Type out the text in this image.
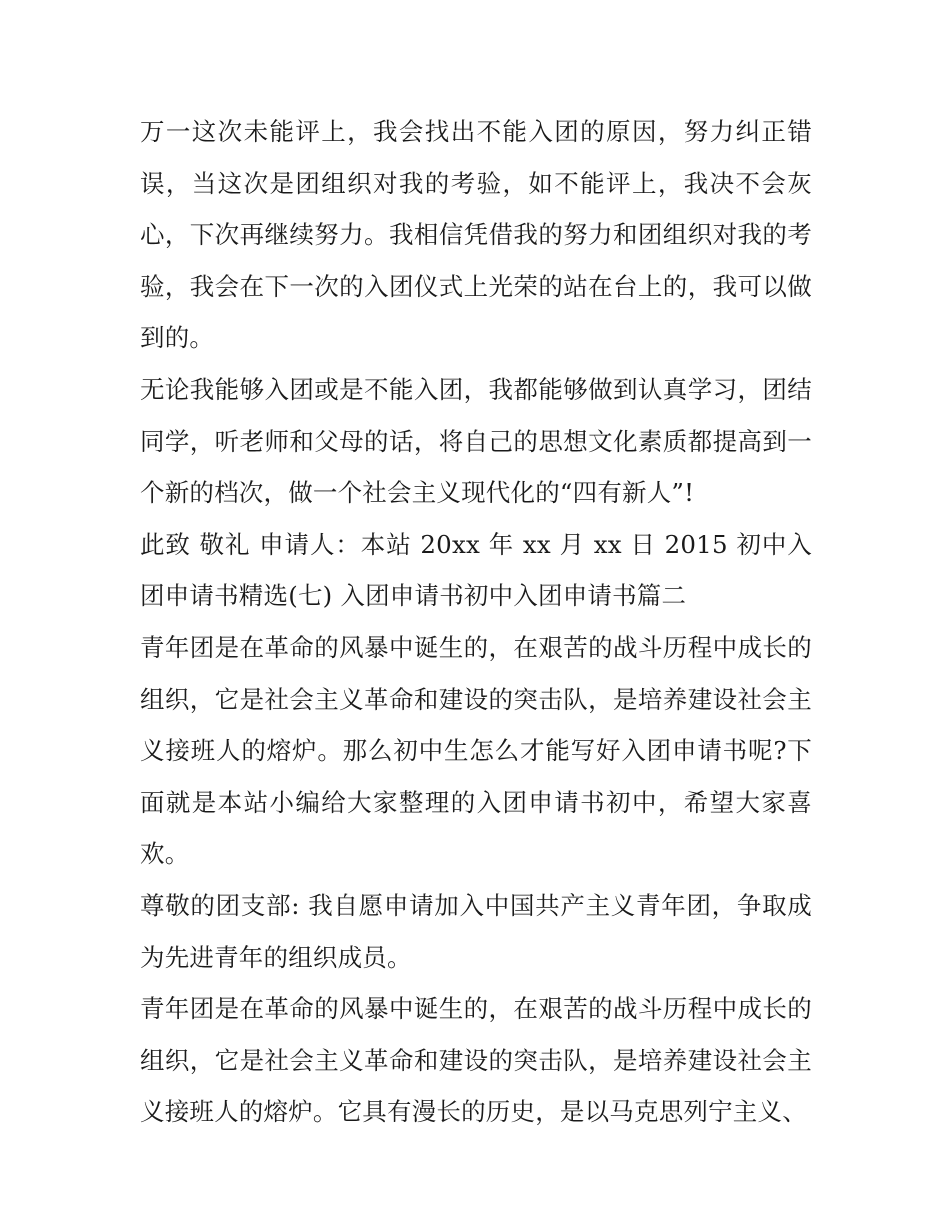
万一这次未能评上，我会找出不能入团的原因，努力纠正错误，当这次是团组织对我的考验，如不能评上，我决不会灰心，下次再继续努力。我相信凭借我的努力和团组织对我的考验，我会在下一次的入团仪式上光荣的站在台上的，我可以做到的。

无论我能够入团或是不能入团，我都能够做到认真学习，团结同学，听老师和父母的话，将自己的思想文化素质都提高到一个新的档次，做一个社会主义现代化的“四有新人”!

此致 敬礼 申请人：本站 20xx 年 xx 月 xx 日 2015 初中入团申请书精选(七) 入团申请书初中入团申请书篇二

青年团是在革命的风暴中诞生的，在艰苦的战斗历程中成长的组织，它是社会主义革命和建设的突击队，是培养建设社会主义接班人的熔炉。那么初中生怎么才能写好入团申请书呢?下面就是本站小编给大家整理的入团申请书初中，希望大家喜欢。

尊敬的团支部: 我自愿申请加入中国共产主义青年团，争取成为先进青年的组织成员。

青年团是在革命的风暴中诞生的，在艰苦的战斗历程中成长的组织，它是社会主义革命和建设的突击队，是培养建设社会主义接班人的熔炉。它具有漫长的历史，是以马克思列宁主义、
